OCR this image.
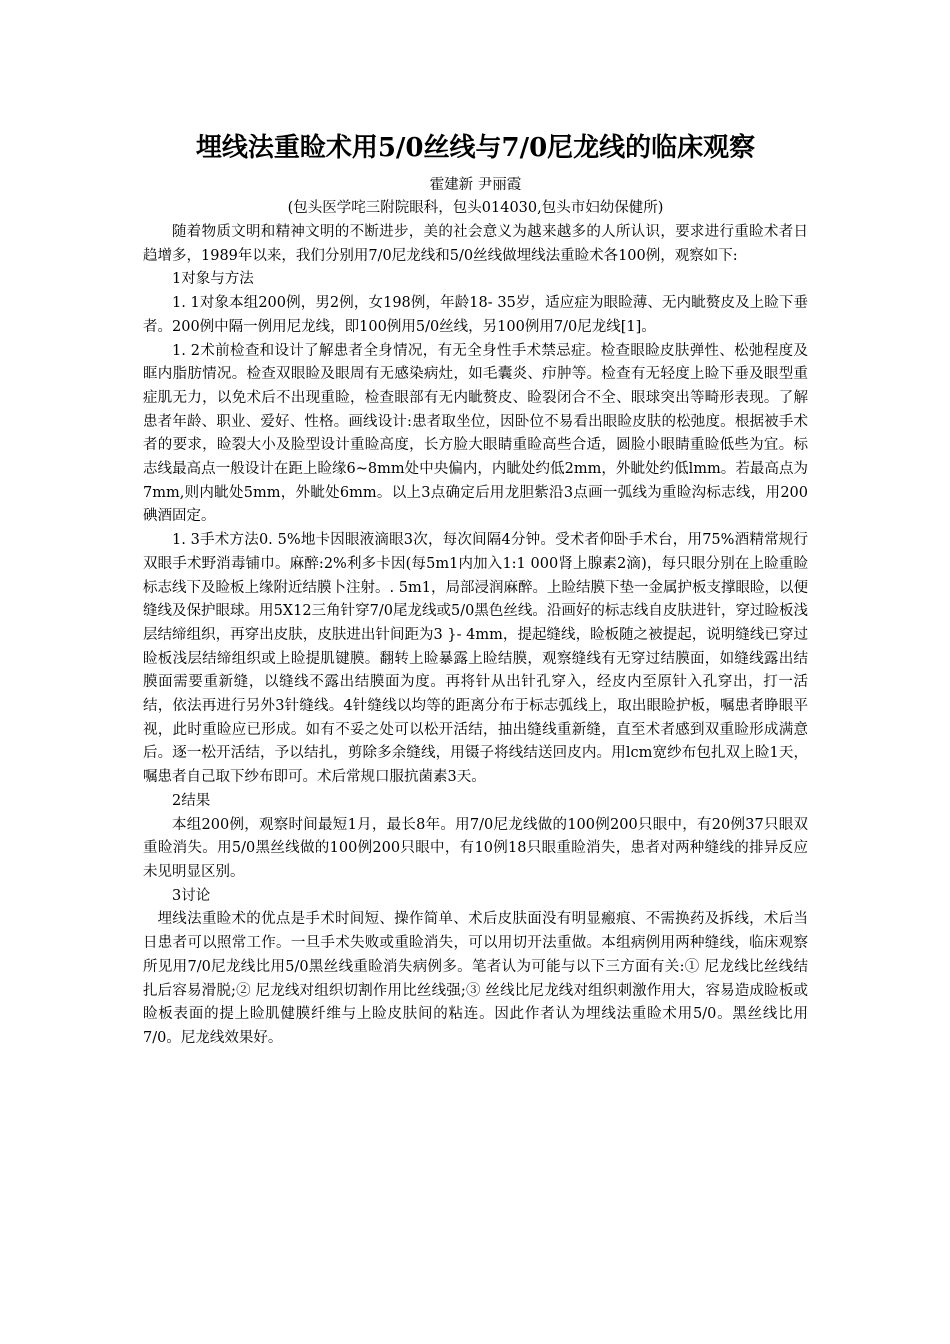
埋线法重睑术用5/0丝线与7/0尼龙线的临床观察
霍建新 尹丽霞
(包头医学咤三附院眼科，包头014030,包头市妇幼保健所)

随着物质文明和精神文明的不断进步，美的社会意义为越来越多的人所认识，要求进行重睑术者日趋增多，1989年以来，我们分别用7/0尼龙线和5/0丝线做埋线法重睑术各100例，观察如下:

1对象与方法

1. 1对象本组200例，男2例，女198例，年龄18- 35岁，适应症为眼睑薄、无内眦赘皮及上睑下垂者。200例中隔一例用尼龙线，即100例用5/0丝线，另100例用7/0尼龙线[1]。

1. 2术前检查和设计了解患者全身情况，有无全身性手术禁忌症。检查眼睑皮肤弹性、松弛程度及眶内脂肪情况。检查双眼睑及眼周有无感染病灶，如毛囊炎、疖肿等。检查有无轻度上睑下垂及眼型重症肌无力，以免术后不出现重睑，检查眼部有无内眦赘皮、睑裂闭合不全、眼球突出等畸形表现。了解患者年龄、职业、爱好、性格。画线设计:患者取坐位，因卧位不易看出眼睑皮肤的松弛度。根据被手术者的要求，睑裂大小及脸型设计重睑高度，长方脸大眼睛重睑高些合适，圆脸小眼睛重睑低些为宜。标志线最高点一般设计在距上睑缘6~8mm处中央偏内，内眦处约低2mm，外眦处约低lmm。若最高点为7mm,则内眦处5mm，外眦处6mm。以上3点确定后用龙胆紫沿3点画一弧线为重睑沟标志线，用200碘酒固定。

1. 3手术方法0. 5%地卡因眼液滴眼3次，每次间隔4分钟。受术者仰卧手术台，用75%酒精常规行双眼手术野消毒铺巾。麻醉:2%利多卡因(每5m1内加入1:1 000肾上腺素2滴)，每只眼分别在上睑重睑标志线下及睑板上缘附近结膜卜注射。. 5m1，局部浸润麻醉。上睑结膜下垫一金属护板支撑眼睑，以便缝线及保护眼球。用5X12三角针穿7/0尾龙线或5/0黑色丝线。沿画好的标志线自皮肤进针，穿过睑板浅层结缔组织，再穿出皮肤，皮肤进出针间距为3 }- 4mm，提起缝线，睑板随之被提起，说明缝线已穿过睑板浅层结缔组织或上睑提肌键膜。翻转上睑暴露上睑结膜，观察缝线有无穿过结膜面，如缝线露出结膜面需要重新缝，以缝线不露出结膜面为度。再将针从出针孔穿入，经皮内至原针入孔穿出，打一活结，依法再进行另外3针缝线。4针缝线以均等的距离分布于标志弧线上，取出眼睑护板，嘱患者睁眼平视，此时重睑应已形成。如有不妥之处可以松开活结，抽出缝线重新缝，直至术者感到双重睑形成满意后。逐一松开活结，予以结扎，剪除多余缝线，用镊子将线结送回皮内。用lcm宽纱布包扎双上睑1天，嘱患者自己取下纱布即可。术后常规口服抗菌素3天。

2结果

本组200例，观察时间最短1月，最长8年。用7/0尼龙线做的100例200只眼中，有20例37只眼双重睑消失。用5/0黑丝线做的100例200只眼中，有10例18只眼重睑消失，患者对两种缝线的排异反应未见明显区别。

3讨论

埋线法重睑术的优点是手术时间短、操作简单、术后皮肤面没有明显瘢痕、不需换药及拆线，术后当日患者可以照常工作。一旦手术失败或重睑消失，可以用切开法重做。本组病例用两种缝线，临床观察所见用7/0尼龙线比用5/0黑丝线重睑消失病例多。笔者认为可能与以下三方面有关:① 尼龙线比丝线结扎后容易滑脱;② 尼龙线对组织切割作用比丝线强;③ 丝线比尼龙线对组织刺激作用大，容易造成睑板或睑板表面的提上睑肌健膜纤维与上睑皮肤间的粘连。因此作者认为埋线法重睑术用5/0。黑丝线比用7/0。尼龙线效果好。
